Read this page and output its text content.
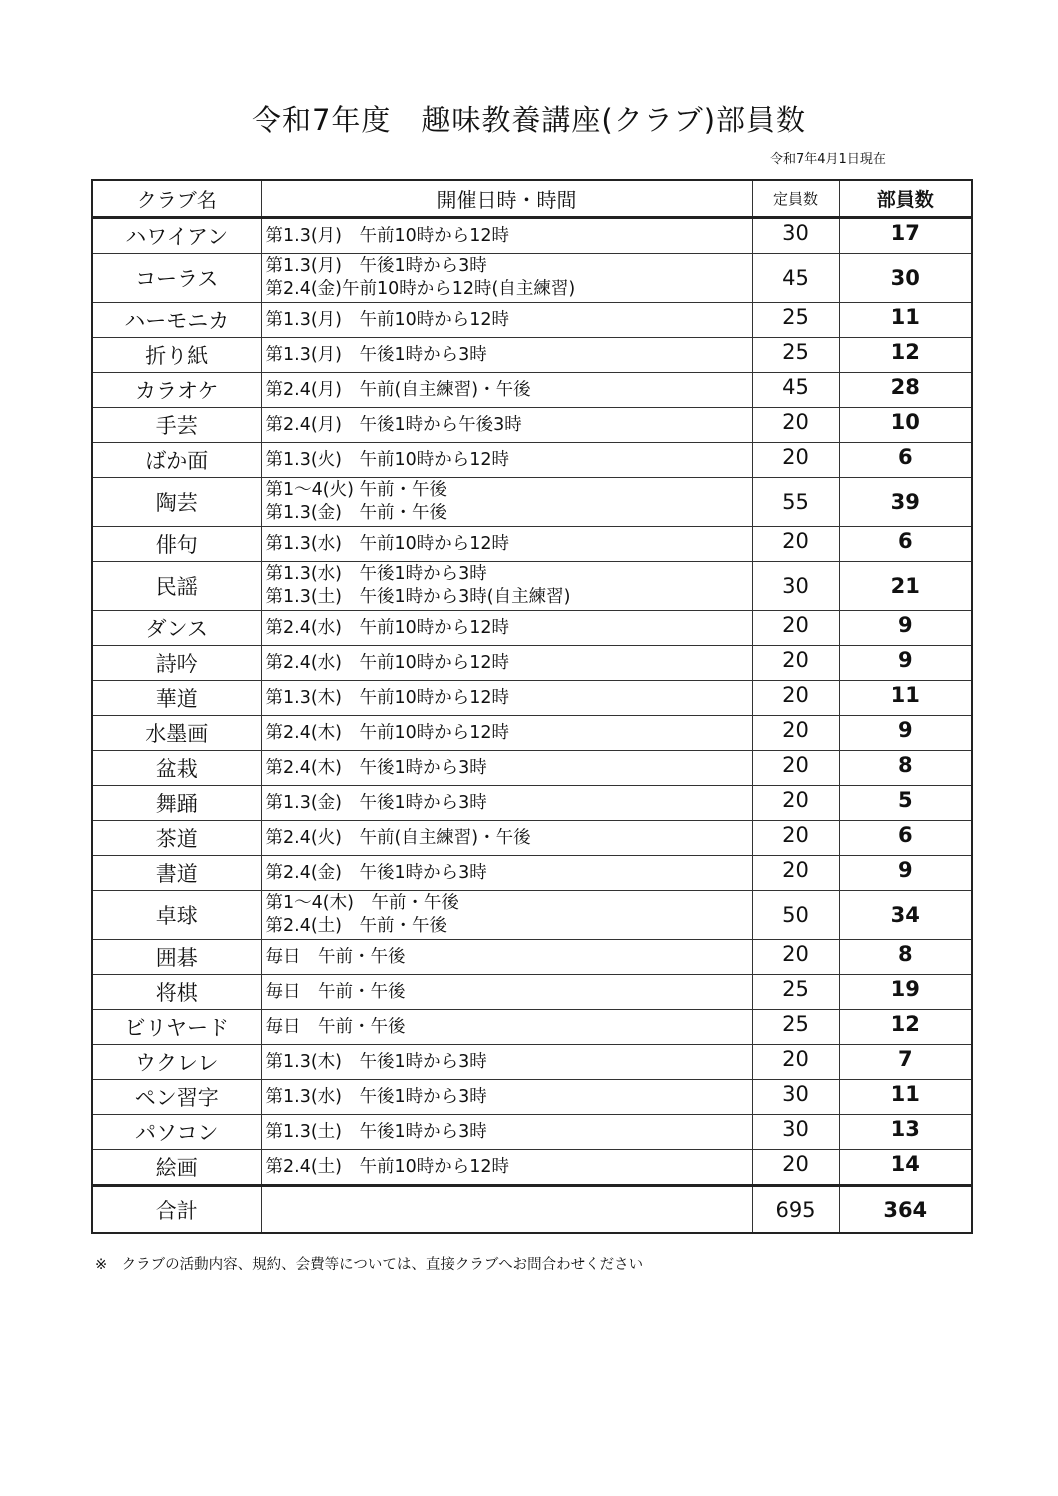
令和7年度　趣味教養講座(クラブ)部員数
令和7年4月1日現在
クラブ名	開催日時・時間	定員数	部員数
ハワイアン	第1.3(月)　午前10時から12時	30	17
コーラス	第1.3(月)　午後1時から3時
第2.4(金)午前10時から12時(自主練習)	45	30
ハーモニカ	第1.3(月)　午前10時から12時	25	11
折り紙	第1.3(月)　午後1時から3時	25	12
カラオケ	第2.4(月)　午前(自主練習)・午後	45	28
手芸	第2.4(月)　午後1時から午後3時	20	10
ばか面	第1.3(火)　午前10時から12時	20	6
陶芸	第1～4(火) 午前・午後
第1.3(金)　午前・午後	55	39
俳句	第1.3(水)　午前10時から12時	20	6
民謡	第1.3(水)　午後1時から3時
第1.3(土)　午後1時から3時(自主練習)	30	21
ダンス	第2.4(水)　午前10時から12時	20	9
詩吟	第2.4(水)　午前10時から12時	20	9
華道	第1.3(木)　午前10時から12時	20	11
水墨画	第2.4(木)　午前10時から12時	20	9
盆栽	第2.4(木)　午後1時から3時	20	8
舞踊	第1.3(金)　午後1時から3時	20	5
茶道	第2.4(火)　午前(自主練習)・午後	20	6
書道	第2.4(金)　午後1時から3時	20	9
卓球	第1～4(木)　午前・午後
第2.4(土)　午前・午後	50	34
囲碁	毎日　午前・午後	20	8
将棋	毎日　午前・午後	25	19
ビリヤード	毎日　午前・午後	25	12
ウクレレ	第1.3(木)　午後1時から3時	20	7
ペン習字	第1.3(水)　午後1時から3時	30	11
パソコン	第1.3(土)　午後1時から3時	30	13
絵画	第2.4(土)　午前10時から12時	20	14
合計		695	364
※　クラブの活動内容、規約、会費等については、直接クラブへお問合わせください
